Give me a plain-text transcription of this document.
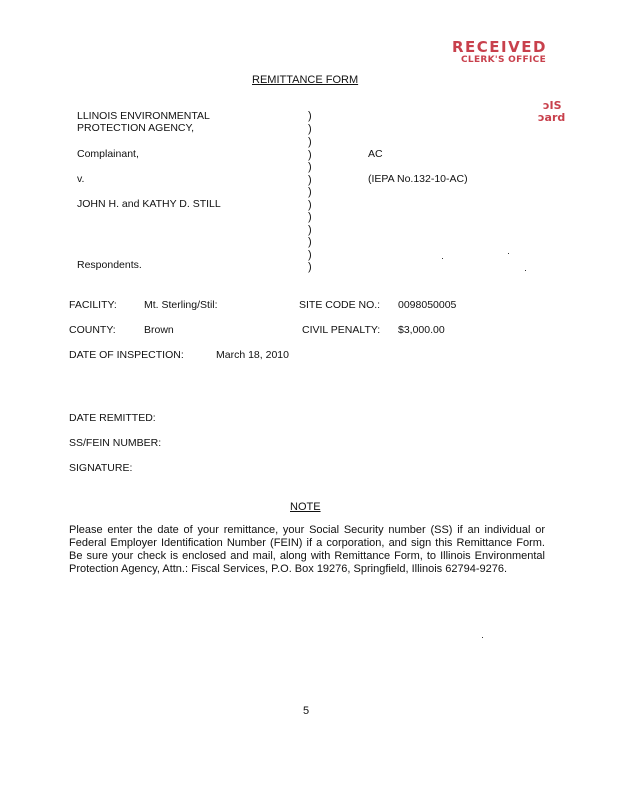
RECEIVED
CLERK'S OFFICE
ɔIS
ɔard
REMITTANCE FORM
LLINOIS ENVIRONMENTAL
PROTECTION AGENCY,
Complainant,
v.
JOHN H. and KATHY D. STILL
Respondents.
)
)
)
)
)
)
)
)
)
)
)
)
)
AC
(IEPA No.132-10-AC)
FACILITY:	Mt. Sterling/Stil:	SITE CODE NO.: 0098050005
COUNTY:	Brown	CIVIL PENALTY: $3,000.00
DATE OF INSPECTION:	March 18, 2010
DATE REMITTED:
SS/FEIN NUMBER:
SIGNATURE:
NOTE
Please enter the date of your remittance, your Social Security number (SS) if an individual or Federal Employer Identification Number (FEIN) if a corporation, and sign this Remittance Form. Be sure your check is enclosed and mail, along with Remittance Form, to Illinois Environmental Protection Agency, Attn.: Fiscal Services, P.O. Box 19276, Springfield, Illinois 62794-9276.
5
